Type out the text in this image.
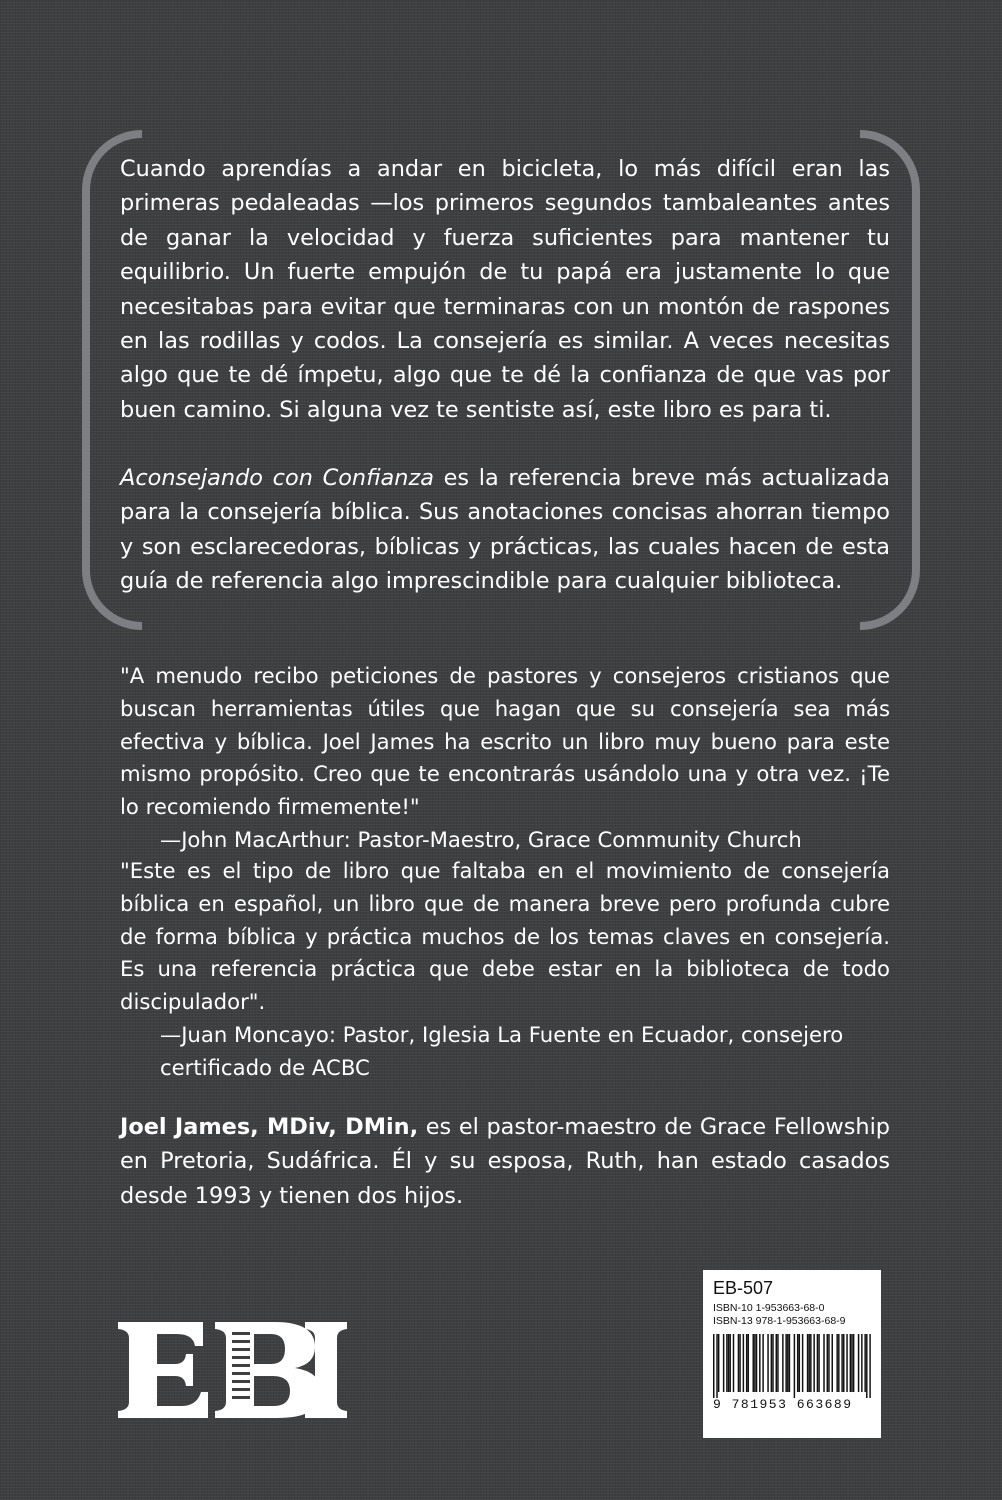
Cuando aprendías a andar en bicicleta, lo más difícil eran las primeras pedaleadas —los primeros segundos tambaleantes antes de ganar la velocidad y fuerza suficientes para mantener tu equilibrio. Un fuerte empujón de tu papá era justamente lo que necesitabas para evitar que terminaras con un montón de raspones en las rodillas y codos. La consejería es similar. A veces necesitas algo que te dé ímpetu, algo que te dé la confianza de que vas por buen camino. Si alguna vez te sentiste así, este libro es para ti.

Aconsejando con Confianza es la referencia breve más actualizada para la consejería bíblica. Sus anotaciones concisas ahorran tiempo y son esclarecedoras, bíblicas y prácticas, las cuales hacen de esta guía de referencia algo imprescindible para cualquier biblioteca.

"A menudo recibo peticiones de pastores y consejeros cristianos que buscan herramientas útiles que hagan que su consejería sea más efectiva y bíblica. Joel James ha escrito un libro muy bueno para este mismo propósito. Creo que te encontrarás usándolo una y otra vez. ¡Te lo recomiendo firmemente!"
—John MacArthur: Pastor-Maestro, Grace Community Church
"Este es el tipo de libro que faltaba en el movimiento de consejería bíblica en español, un libro que de manera breve pero profunda cubre de forma bíblica y práctica muchos de los temas claves en consejería. Es una referencia práctica que debe estar en la biblioteca de todo discipulador".
—Juan Moncayo: Pastor, Iglesia La Fuente en Ecuador, consejero certificado de ACBC

Joel James, MDiv, DMin, es el pastor-maestro de Grace Fellowship en Pretoria, Sudáfrica. Él y su esposa, Ruth, han estado casados desde 1993 y tienen dos hijos.

EB-507
ISBN-10 1-953663-68-0
ISBN-13 978-1-953663-68-9
9 781953 663689
